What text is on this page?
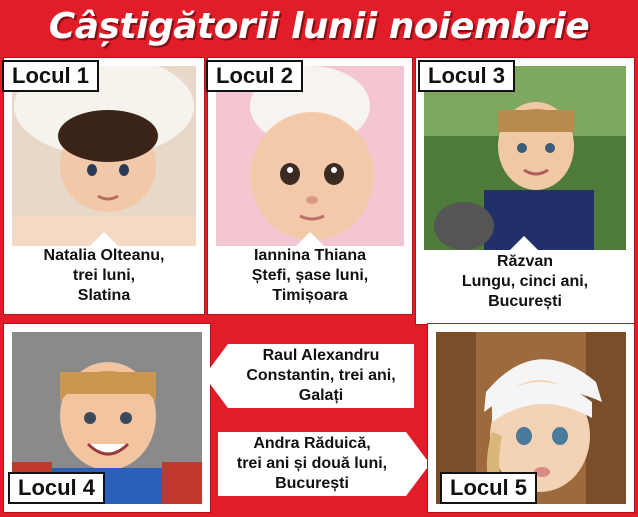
Câștigătorii lunii noiembrie
Natalia Olteanu,
trei luni,
Slatina
Locul 1
Iannina Thiana
Ștefi, șase luni,
Timișoara
Locul 2
Răzvan
Lungu, cinci ani,
București
Locul 3
Locul 4
Raul Alexandru
Constantin, trei ani,
Galați
Andra Răduică,
trei ani și două luni,
București	Locul 5
